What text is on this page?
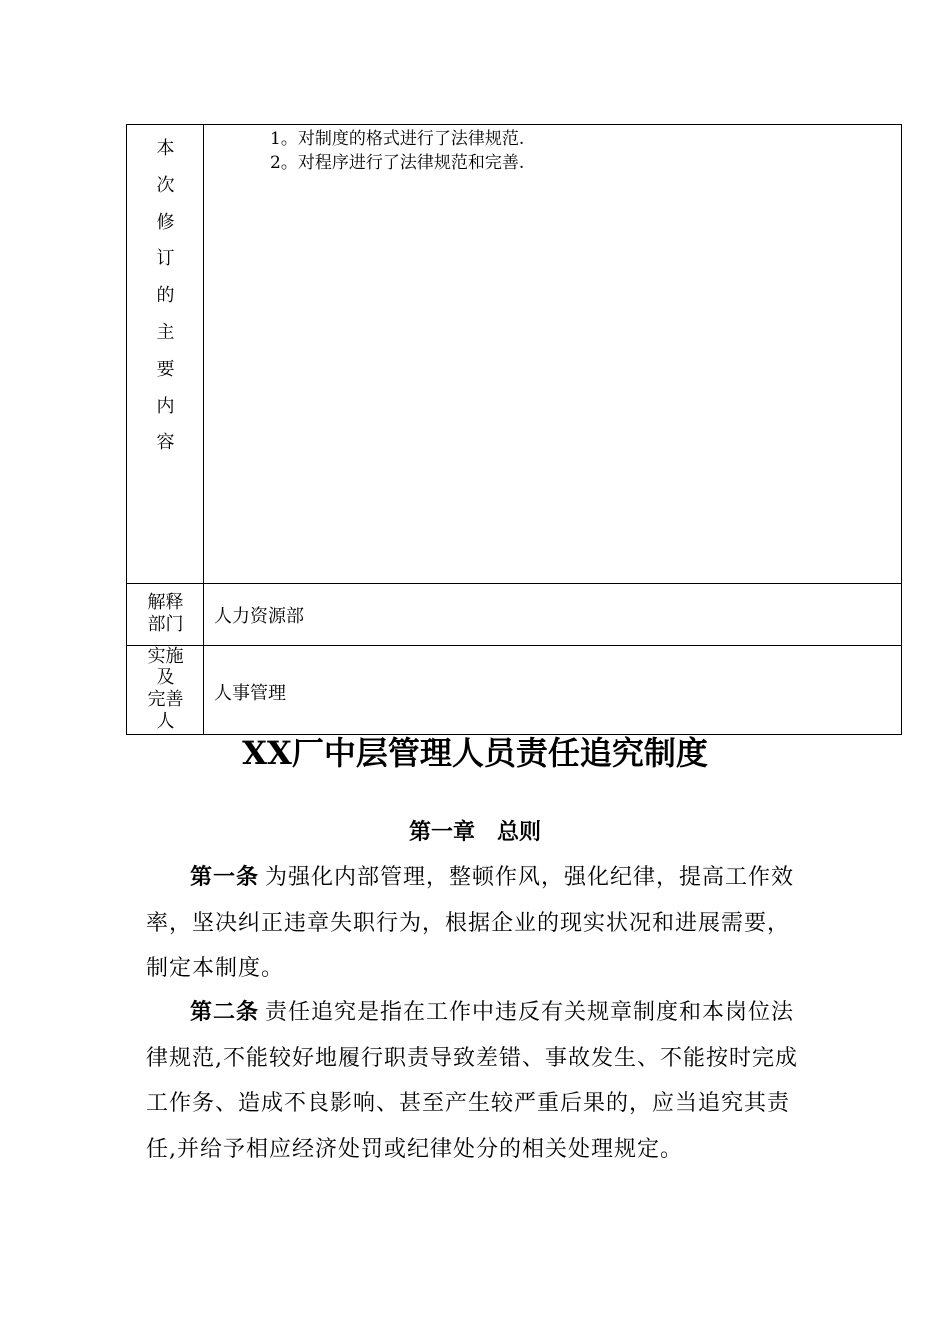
本
次
修
订
的
主
要
内
容
1。对制度的格式进行了法律规范.
2。对程序进行了法律规范和完善.
解释
部门	人力资源部
实施
及
完善
人
人事管理
XX厂中层管理人员责任追究制度
第一章　总则

第一条 为强化内部管理，整顿作风，强化纪律，提高工作效率，坚决纠正违章失职行为，根据企业的现实状况和进展需要，制定本制度。

第二条 责任追究是指在工作中违反有关规章制度和本岗位法律规范,不能较好地履行职责导致差错、事故发生、不能按时完成工作务、造成不良影响、甚至产生较严重后果的，应当追究其责任,并给予相应经济处罚或纪律处分的相关处理规定。
